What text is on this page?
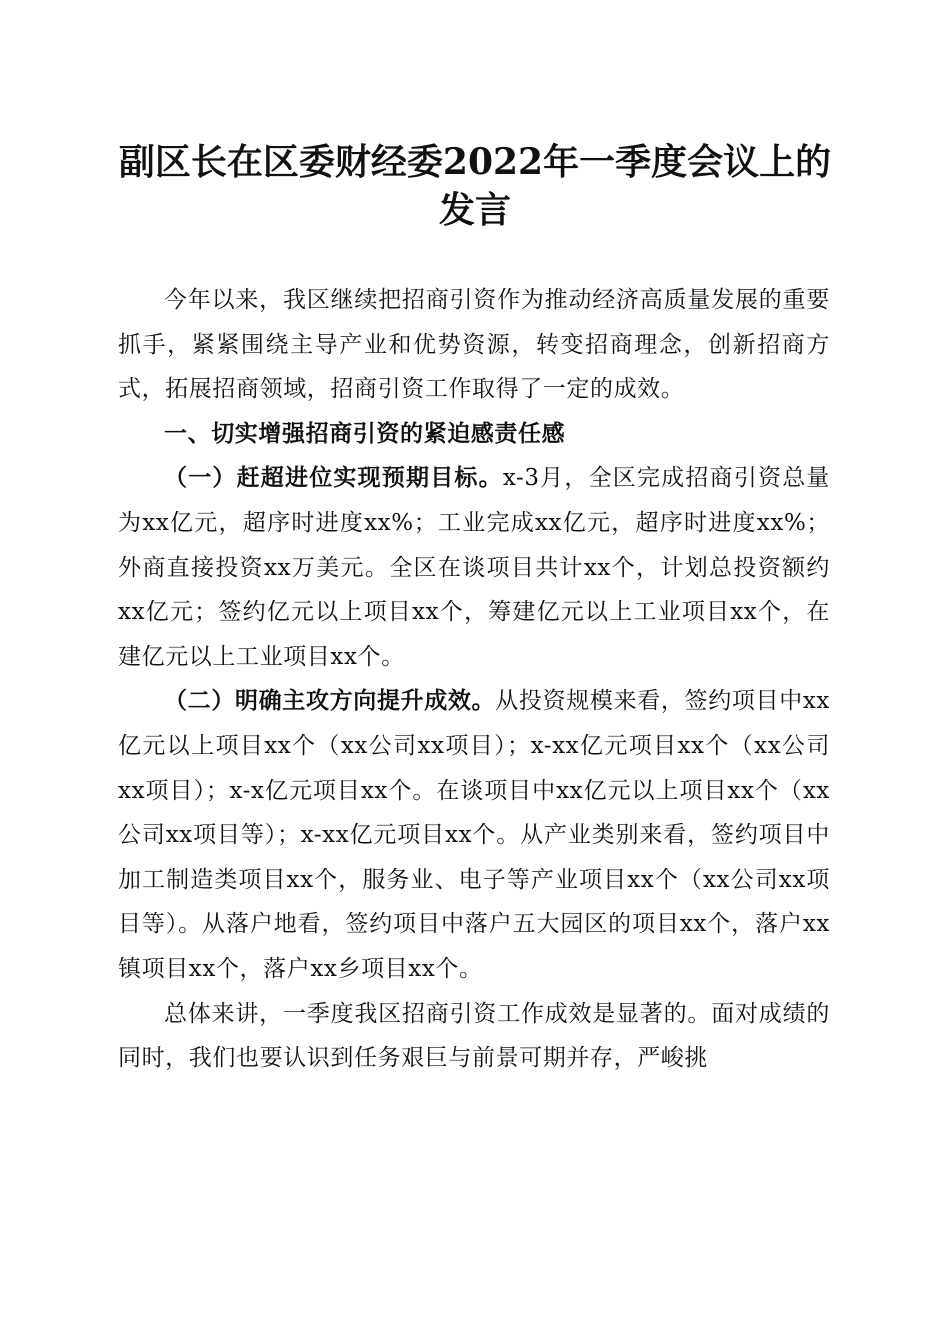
副区长在区委财经委2022年一季度会议上的发言

今年以来，我区继续把招商引资作为推动经济高质量发展的重要抓手，紧紧围绕主导产业和优势资源，转变招商理念，创新招商方式，拓展招商领域，招商引资工作取得了一定的成效。

一、切实增强招商引资的紧迫感责任感

（一）赶超进位实现预期目标。x-3月，全区完成招商引资总量为xx亿元，超序时进度xx%；工业完成xx亿元，超序时进度xx%；外商直接投资xx万美元。全区在谈项目共计xx个，计划总投资额约xx亿元；签约亿元以上项目xx个，筹建亿元以上工业项目xx个，在建亿元以上工业项目xx个。

（二）明确主攻方向提升成效。从投资规模来看，签约项目中xx亿元以上项目xx个（xx公司xx项目）；x-xx亿元项目xx个（xx公司xx项目）；x-x亿元项目xx个。在谈项目中xx亿元以上项目xx个（xx公司xx项目等）；x-xx亿元项目xx个。从产业类别来看，签约项目中加工制造类项目xx个，服务业、电子等产业项目xx个（xx公司xx项目等）。从落户地看，签约项目中落户五大园区的项目xx个，落户xx镇项目xx个，落户xx乡项目xx个。

总体来讲，一季度我区招商引资工作成效是显著的。面对成绩的同时，我们也要认识到任务艰巨与前景可期并存，严峻挑
